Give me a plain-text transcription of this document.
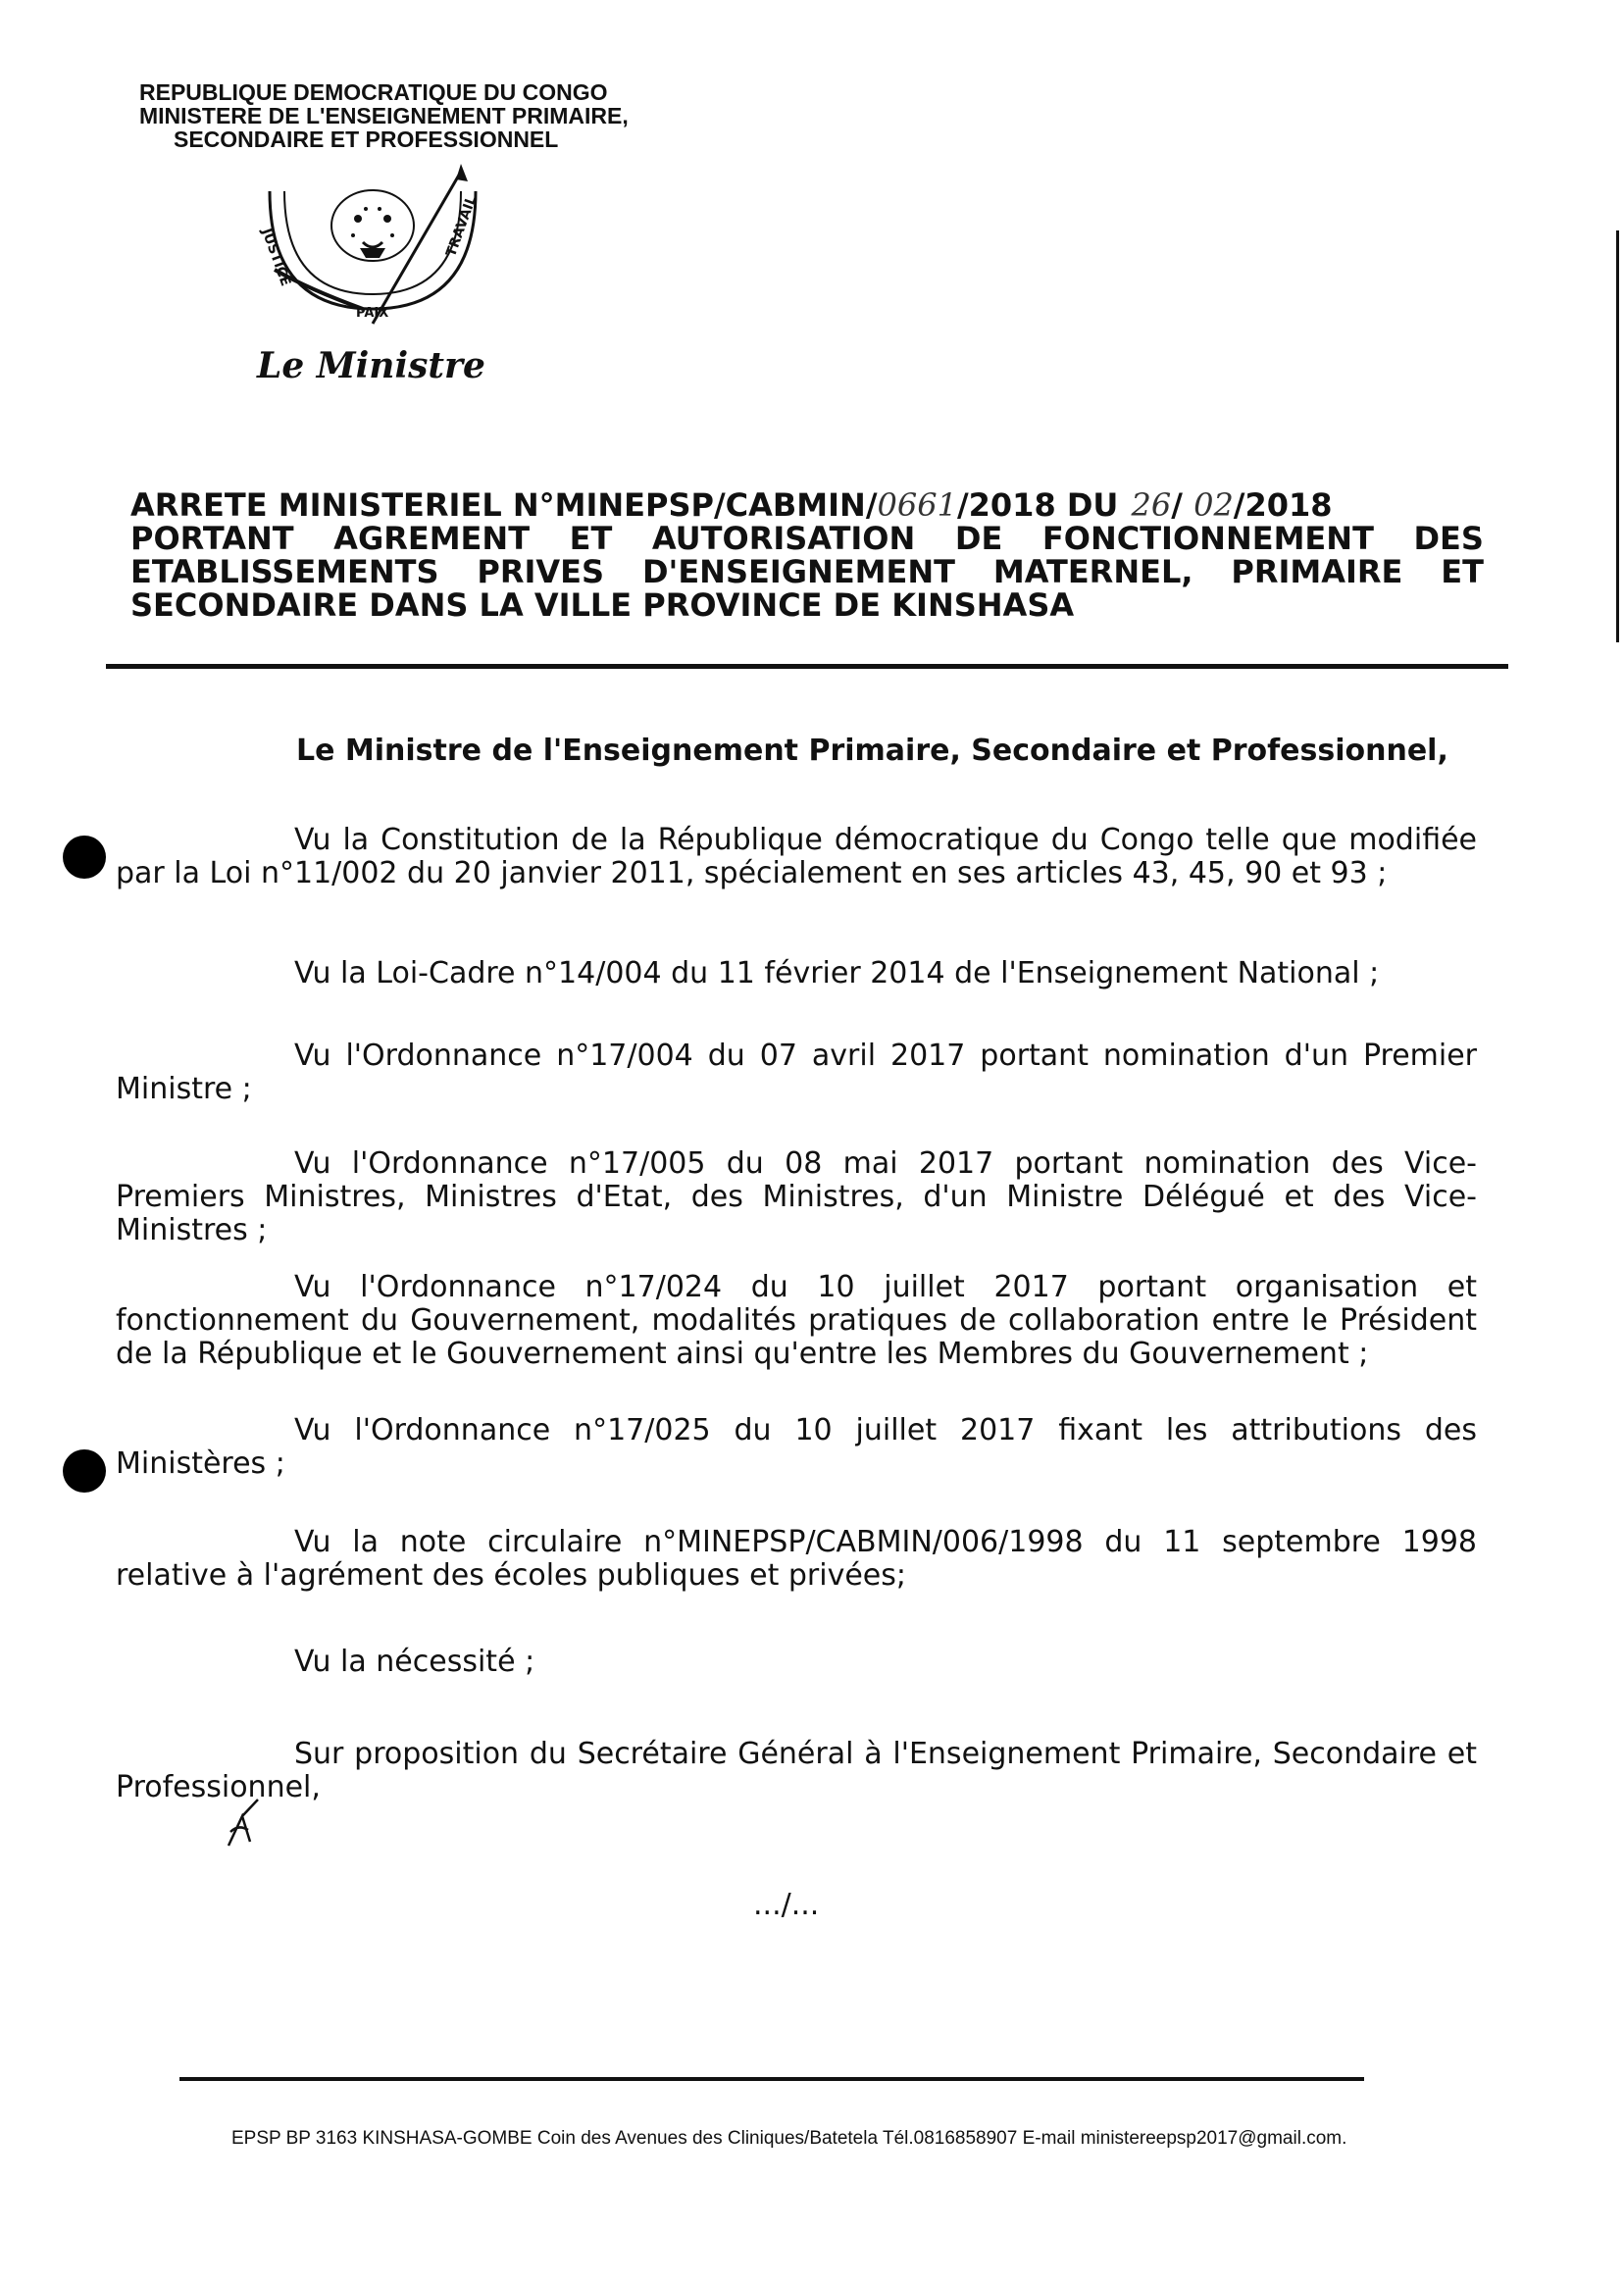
REPUBLIQUE DEMOCRATIQUE DU CONGO
MINISTERE DE L'ENSEIGNEMENT PRIMAIRE,
SECONDAIRE ET PROFESSIONNEL
JUSTICE
PAIX
TRAVAIL
Le Ministre
ARRETE MINISTERIEL N°MINEPSP/CABMIN/0661/2018 DU 26/ 02/2018
PORTANT AGREMENT ET AUTORISATION DE FONCTIONNEMENT DES
ETABLISSEMENTS PRIVES D'ENSEIGNEMENT MATERNEL, PRIMAIRE ET
SECONDAIRE DANS LA VILLE PROVINCE DE KINSHASA
Le Ministre de l'Enseignement Primaire, Secondaire et Professionnel,

Vu la Constitution de la République démocratique du Congo telle que modifiée par la Loi n°11/002 du 20 janvier 2011, spécialement en ses articles 43, 45, 90 et 93 ;

Vu la Loi-Cadre n°14/004 du 11 février 2014 de l'Enseignement National ;

Vu l'Ordonnance n°17/004 du 07 avril 2017 portant nomination d'un Premier Ministre ;

Vu l'Ordonnance n°17/005 du 08 mai 2017 portant nomination des Vice-Premiers Ministres, Ministres d'Etat, des Ministres, d'un Ministre Délégué et des Vice-Ministres ;

Vu l'Ordonnance n°17/024 du 10 juillet 2017 portant organisation et fonctionnement du Gouvernement, modalités pratiques de collaboration entre le Président de la République et le Gouvernement ainsi qu'entre les Membres du Gouvernement ;

Vu l'Ordonnance n°17/025 du 10 juillet 2017 fixant les attributions des Ministères ;

Vu la note circulaire n°MINEPSP/CABMIN/006/1998 du 11 septembre 1998 relative à l'agrément des écoles publiques et privées;

Vu la nécessité ;

Sur proposition du Secrétaire Général à l'Enseignement Primaire, Secondaire et Professionnel,

.../...
EPSP BP 3163 KINSHASA-GOMBE Coin des Avenues des Cliniques/Batetela Tél.0816858907 E-mail ministereepsp2017@gmail.com.
